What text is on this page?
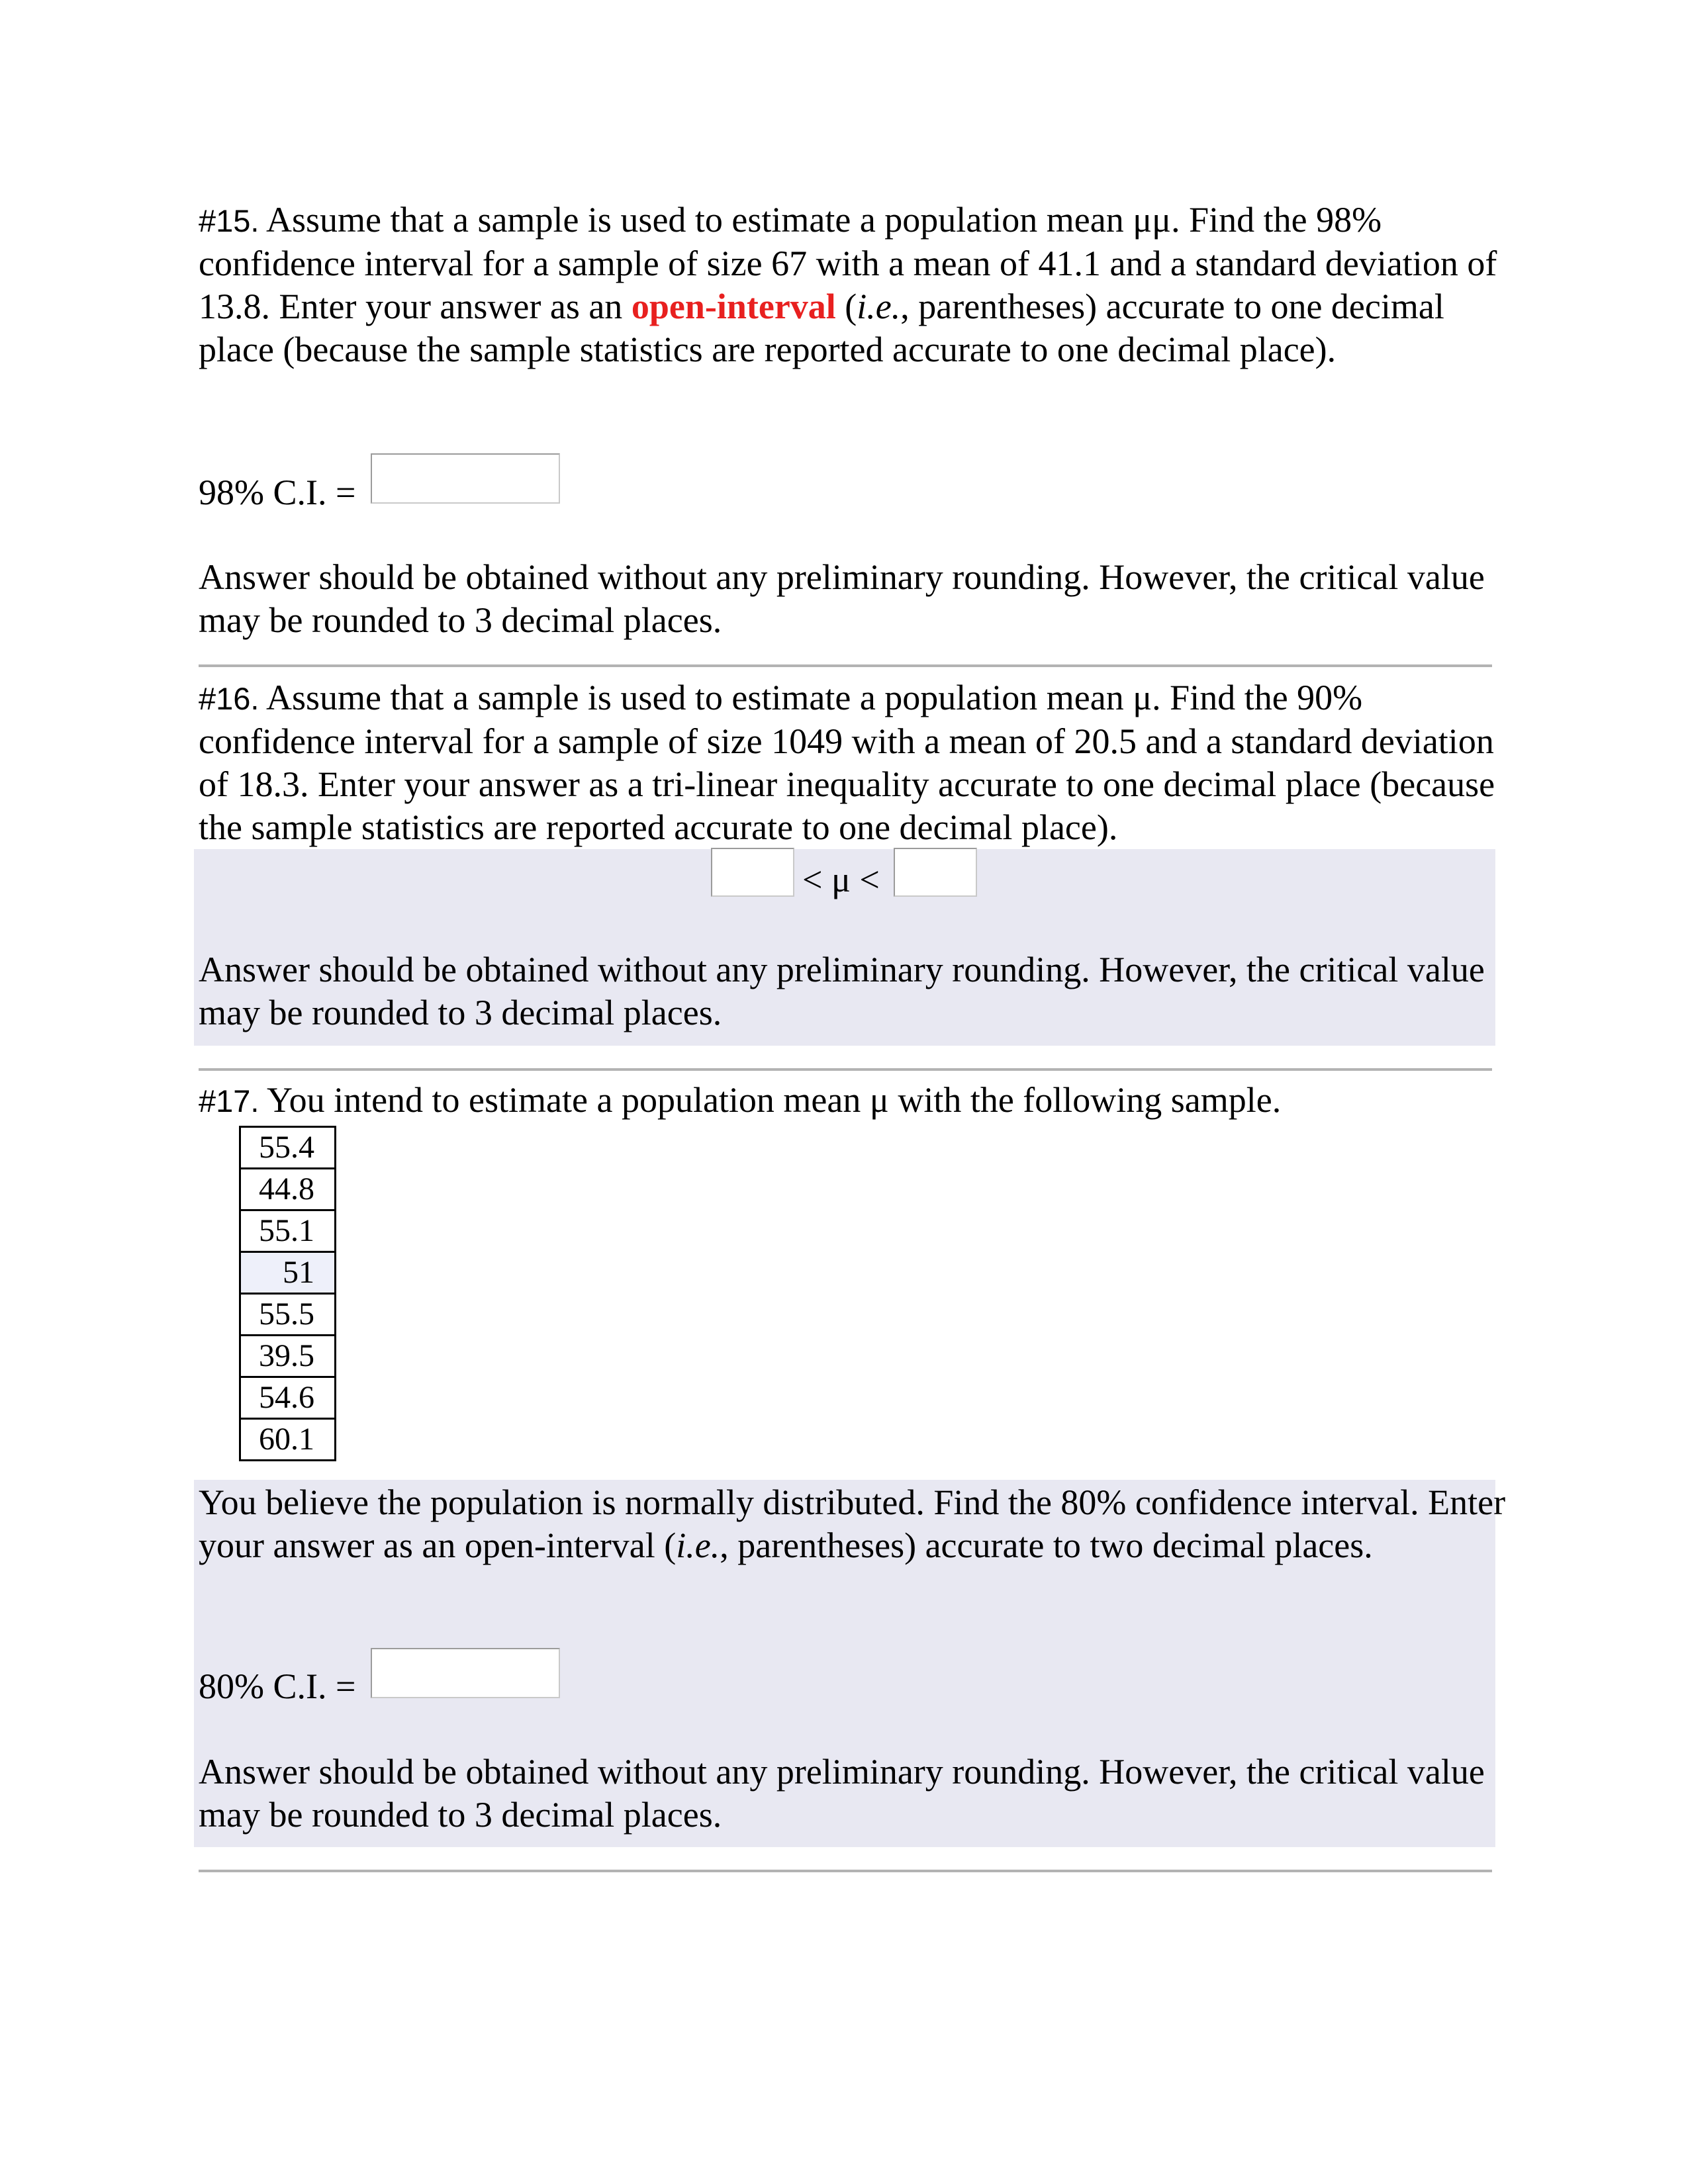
#15. Assume that a sample is used to estimate a population mean μμ. Find the 98% confidence interval for a sample of size 67 with a mean of 41.1 and a standard deviation of 13.8. Enter your answer as an open-interval (i.e., parentheses) accurate to one decimal place (because the sample statistics are reported accurate to one decimal place).
98% C.I. =
Answer should be obtained without any preliminary rounding. However, the critical value may be rounded to 3 decimal places.
#16. Assume that a sample is used to estimate a population mean μ. Find the 90% confidence interval for a sample of size 1049 with a mean of 20.5 and a standard deviation of 18.3. Enter your answer as a tri-linear inequality accurate to one decimal place (because the sample statistics are reported accurate to one decimal place).
< μ <
Answer should be obtained without any preliminary rounding. However, the critical value may be rounded to 3 decimal places.
#17. You intend to estimate a population mean μ with the following sample.
55.4
44.8
55.1
51
55.5
39.5
54.6
60.1
You believe the population is normally distributed. Find the 80% confidence interval. Enter your answer as an open-interval (i.e., parentheses) accurate to two decimal places.
80% C.I. =
Answer should be obtained without any preliminary rounding. However, the critical value may be rounded to 3 decimal places.
